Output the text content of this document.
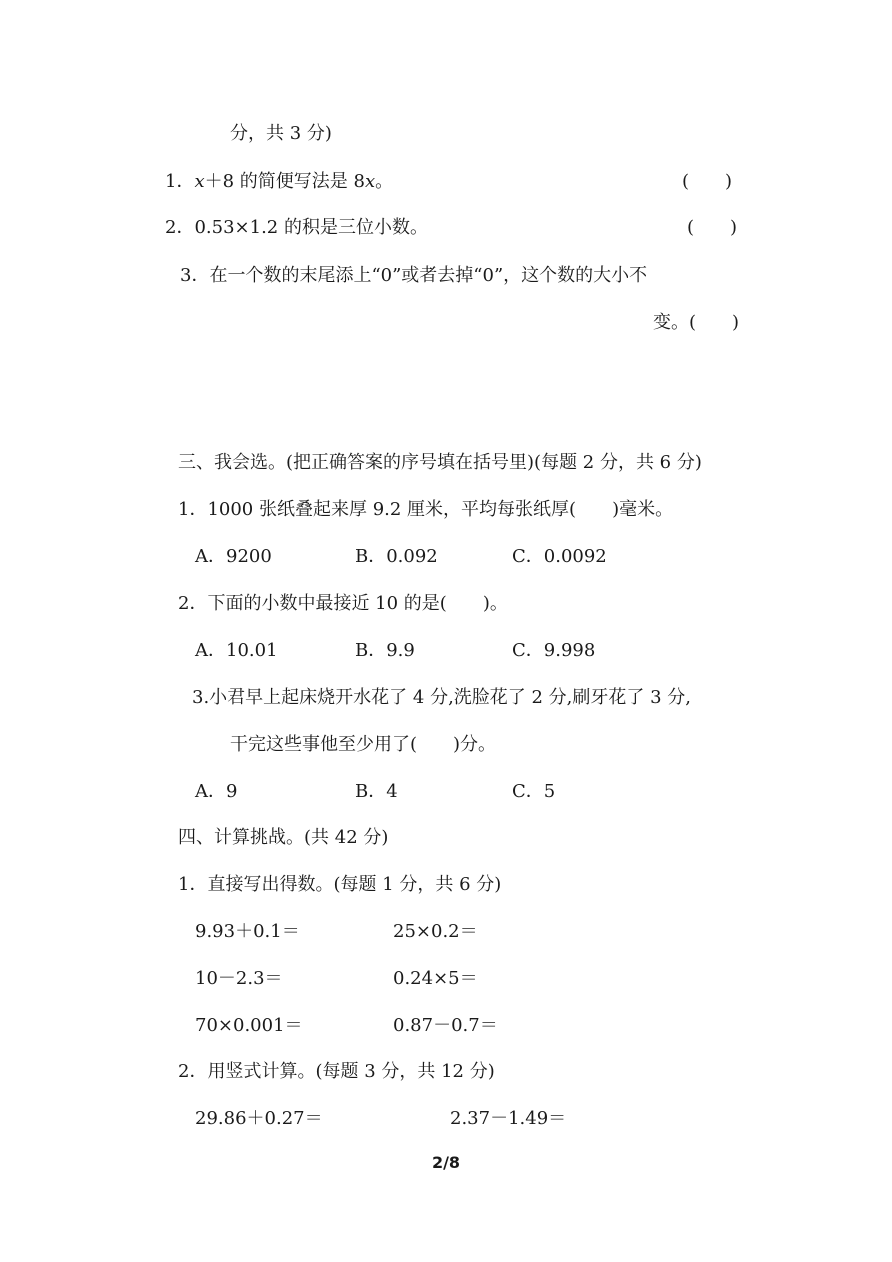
分，共 3 分)
1．x＋8 的简便写法是 8x。	(　　)
2．0.53×1.2 的积是三位小数。	(　　)
3．在一个数的末尾添上“0”或者去掉“0”，这个数的大小不
变。(　　)
三、我会选。(把正确答案的序号填在括号里)(每题 2 分，共 6 分)
1．1000 张纸叠起来厚 9.2 厘米，平均每张纸厚(　　)毫米。
A．9200	B．0.092	C．0.0092
2．下面的小数中最接近 10 的是(　　)。
A．10.01	B．9.9	C．9.998
3.小君早上起床烧开水花了 4 分,洗脸花了 2 分,刷牙花了 3 分,
干完这些事他至少用了(　　)分。
A．9	B．4	C．5
四、计算挑战。(共 42 分)
1．直接写出得数。(每题 1 分，共 6 分)
9.93＋0.1＝	25×0.2＝
10－2.3＝	0.24×5＝
70×0.001＝	0.87－0.7＝
2．用竖式计算。(每题 3 分，共 12 分)
29.86＋0.27＝	2.37－1.49＝
2/8
